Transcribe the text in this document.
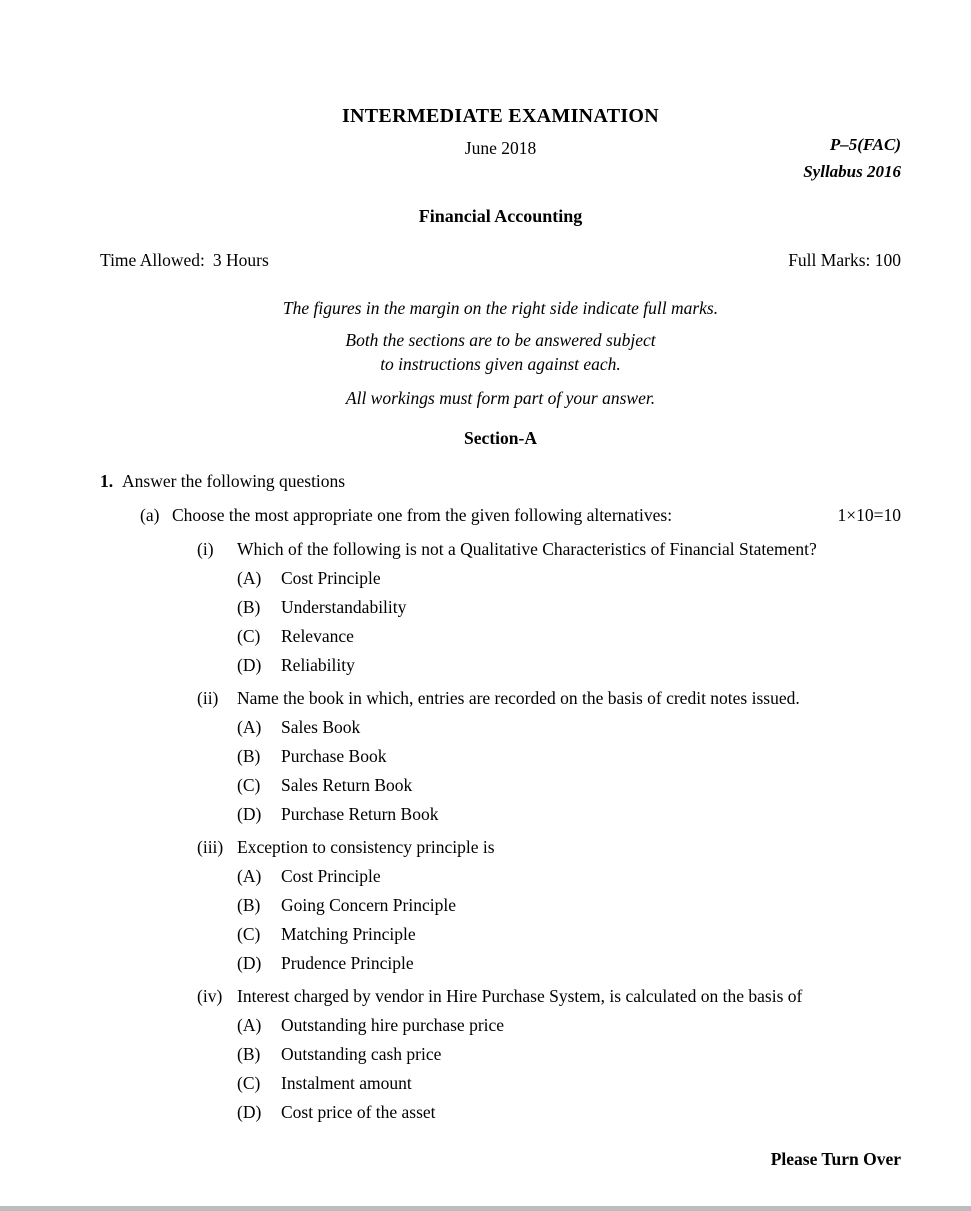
INTERMEDIATE EXAMINATION
June 2018	P–5(FAC)
Syllabus 2016
Financial Accounting
Time Allowed: 3 Hours	Full Marks: 100
The figures in the margin on the right side indicate full marks.
Both the sections are to be answered subject
to instructions given against each.
All workings must form part of your answer.
Section-A
1. Answer the following questions
(a) Choose the most appropriate one from the given following alternatives:	1×10=10
(i)	Which of the following is not a Qualitative Characteristics of Financial Statement?
(A)	Cost Principle
(B)	Understandability
(C)	Relevance
(D)	Reliability
(ii)	Name the book in which, entries are recorded on the basis of credit notes issued.
(A)	Sales Book
(B)	Purchase Book
(C)	Sales Return Book
(D)	Purchase Return Book
(iii) Exception to consistency principle is
(A)	Cost Principle
(B)	Going Concern Principle
(C)	Matching Principle
(D)	Prudence Principle
(iv) Interest charged by vendor in Hire Purchase System, is calculated on the basis of
(A)	Outstanding hire purchase price
(B)	Outstanding cash price
(C)	Instalment amount
(D)	Cost price of the asset
Please Turn Over
